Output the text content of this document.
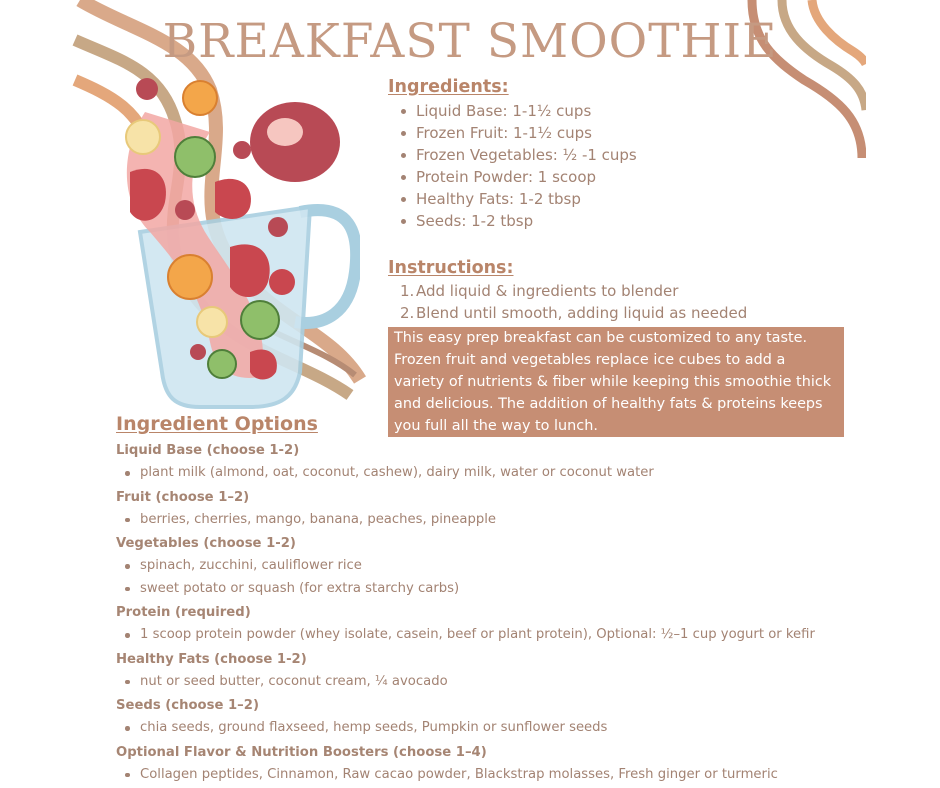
BREAKFAST SMOOTHIE
Ingredients:
Liquid Base: 1-1½ cups
Frozen Fruit: 1-1½ cups
Frozen Vegetables: ½ -1 cups
Protein Powder: 1 scoop
Healthy Fats: 1-2 tbsp
Seeds: 1-2 tbsp
Instructions:
1. Add liquid & ingredients to blender
2. Blend until smooth, adding liquid as needed
This easy prep breakfast can be customized to any taste.
Frozen fruit and vegetables replace ice cubes to add a
variety of nutrients & fiber while keeping this smoothie thick
and delicious. The addition of healthy fats & proteins keeps
you full all the way to lunch.
Ingredient Options
Liquid Base (choose 1-2)
plant milk (almond, oat, coconut, cashew), dairy milk, water or coconut water
Fruit (choose 1–2)
berries, cherries, mango, banana, peaches, pineapple
Vegetables (choose 1-2)
spinach, zucchini, cauliflower rice
sweet potato or squash (for extra starchy carbs)
Protein (required)
1 scoop protein powder (whey isolate, casein, beef or plant protein), Optional: ½–1 cup yogurt or kefir
Healthy Fats (choose 1-2)
nut or seed butter, coconut cream, ¼ avocado
Seeds (choose 1–2)
chia seeds, ground flaxseed, hemp seeds, Pumpkin or sunflower seeds
Optional Flavor & Nutrition Boosters (choose 1–4)
Collagen peptides, Cinnamon, Raw cacao powder, Blackstrap molasses, Fresh ginger or turmeric
